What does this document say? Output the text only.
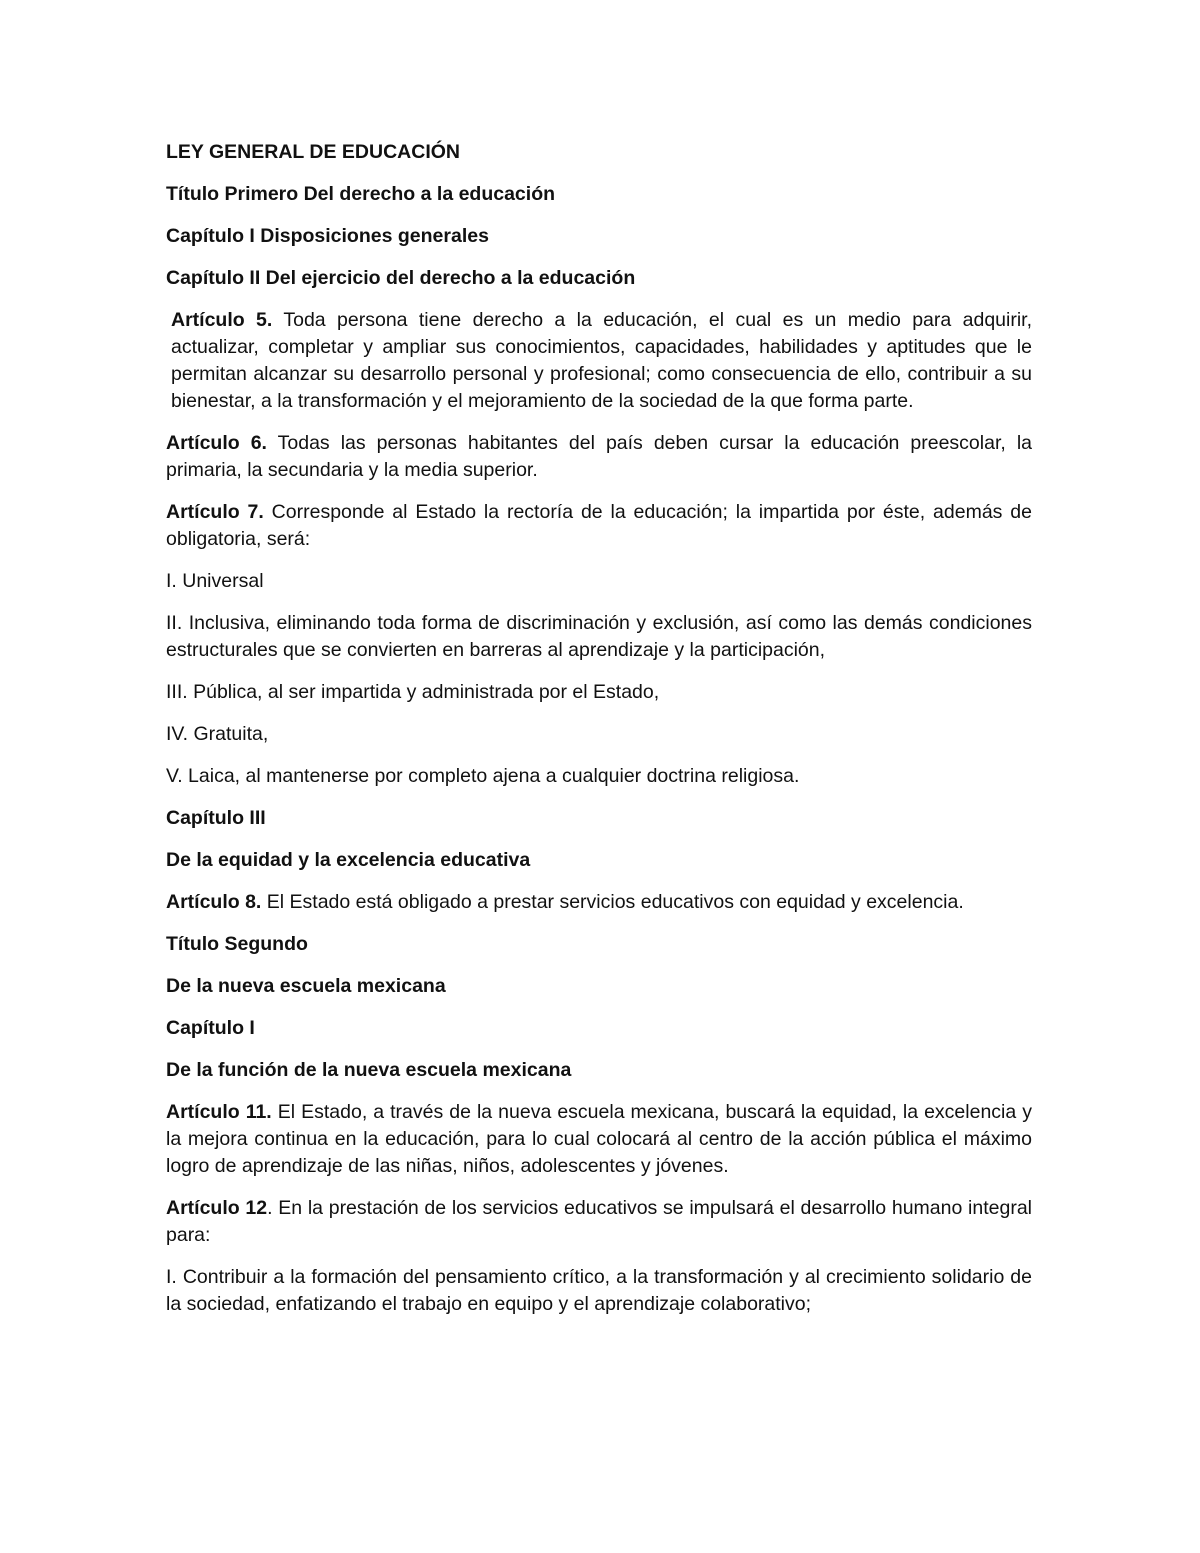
LEY GENERAL DE EDUCACIÓN
Título Primero Del derecho a la educación
Capítulo I Disposiciones generales
Capítulo II Del ejercicio del derecho a la educación

Artículo 5. Toda persona tiene derecho a la educación, el cual es un medio para adquirir, actualizar, completar y ampliar sus conocimientos, capacidades, habilidades y aptitudes que le permitan alcanzar su desarrollo personal y profesional; como consecuencia de ello, contribuir a su bienestar, a la transformación y el mejoramiento de la sociedad de la que forma parte.

Artículo 6. Todas las personas habitantes del país deben cursar la educación preescolar, la primaria, la secundaria y la media superior.

Artículo 7. Corresponde al Estado la rectoría de la educación; la impartida por éste, además de obligatoria, será:

I. Universal

II. Inclusiva, eliminando toda forma de discriminación y exclusión, así como las demás condiciones estructurales que se convierten en barreras al aprendizaje y la participación,

III. Pública, al ser impartida y administrada por el Estado,

IV. Gratuita,

V. Laica, al mantenerse por completo ajena a cualquier doctrina religiosa.

Capítulo III
De la equidad y la excelencia educativa

Artículo 8. El Estado está obligado a prestar servicios educativos con equidad y excelencia.

Título Segundo
De la nueva escuela mexicana
Capítulo I
De la función de la nueva escuela mexicana

Artículo 11. El Estado, a través de la nueva escuela mexicana, buscará la equidad, la excelencia y la mejora continua en la educación, para lo cual colocará al centro de la acción pública el máximo logro de aprendizaje de las niñas, niños, adolescentes y jóvenes.

Artículo 12. En la prestación de los servicios educativos se impulsará el desarrollo humano integral para:

I. Contribuir a la formación del pensamiento crítico, a la transformación y al crecimiento solidario de la sociedad, enfatizando el trabajo en equipo y el aprendizaje colaborativo;
